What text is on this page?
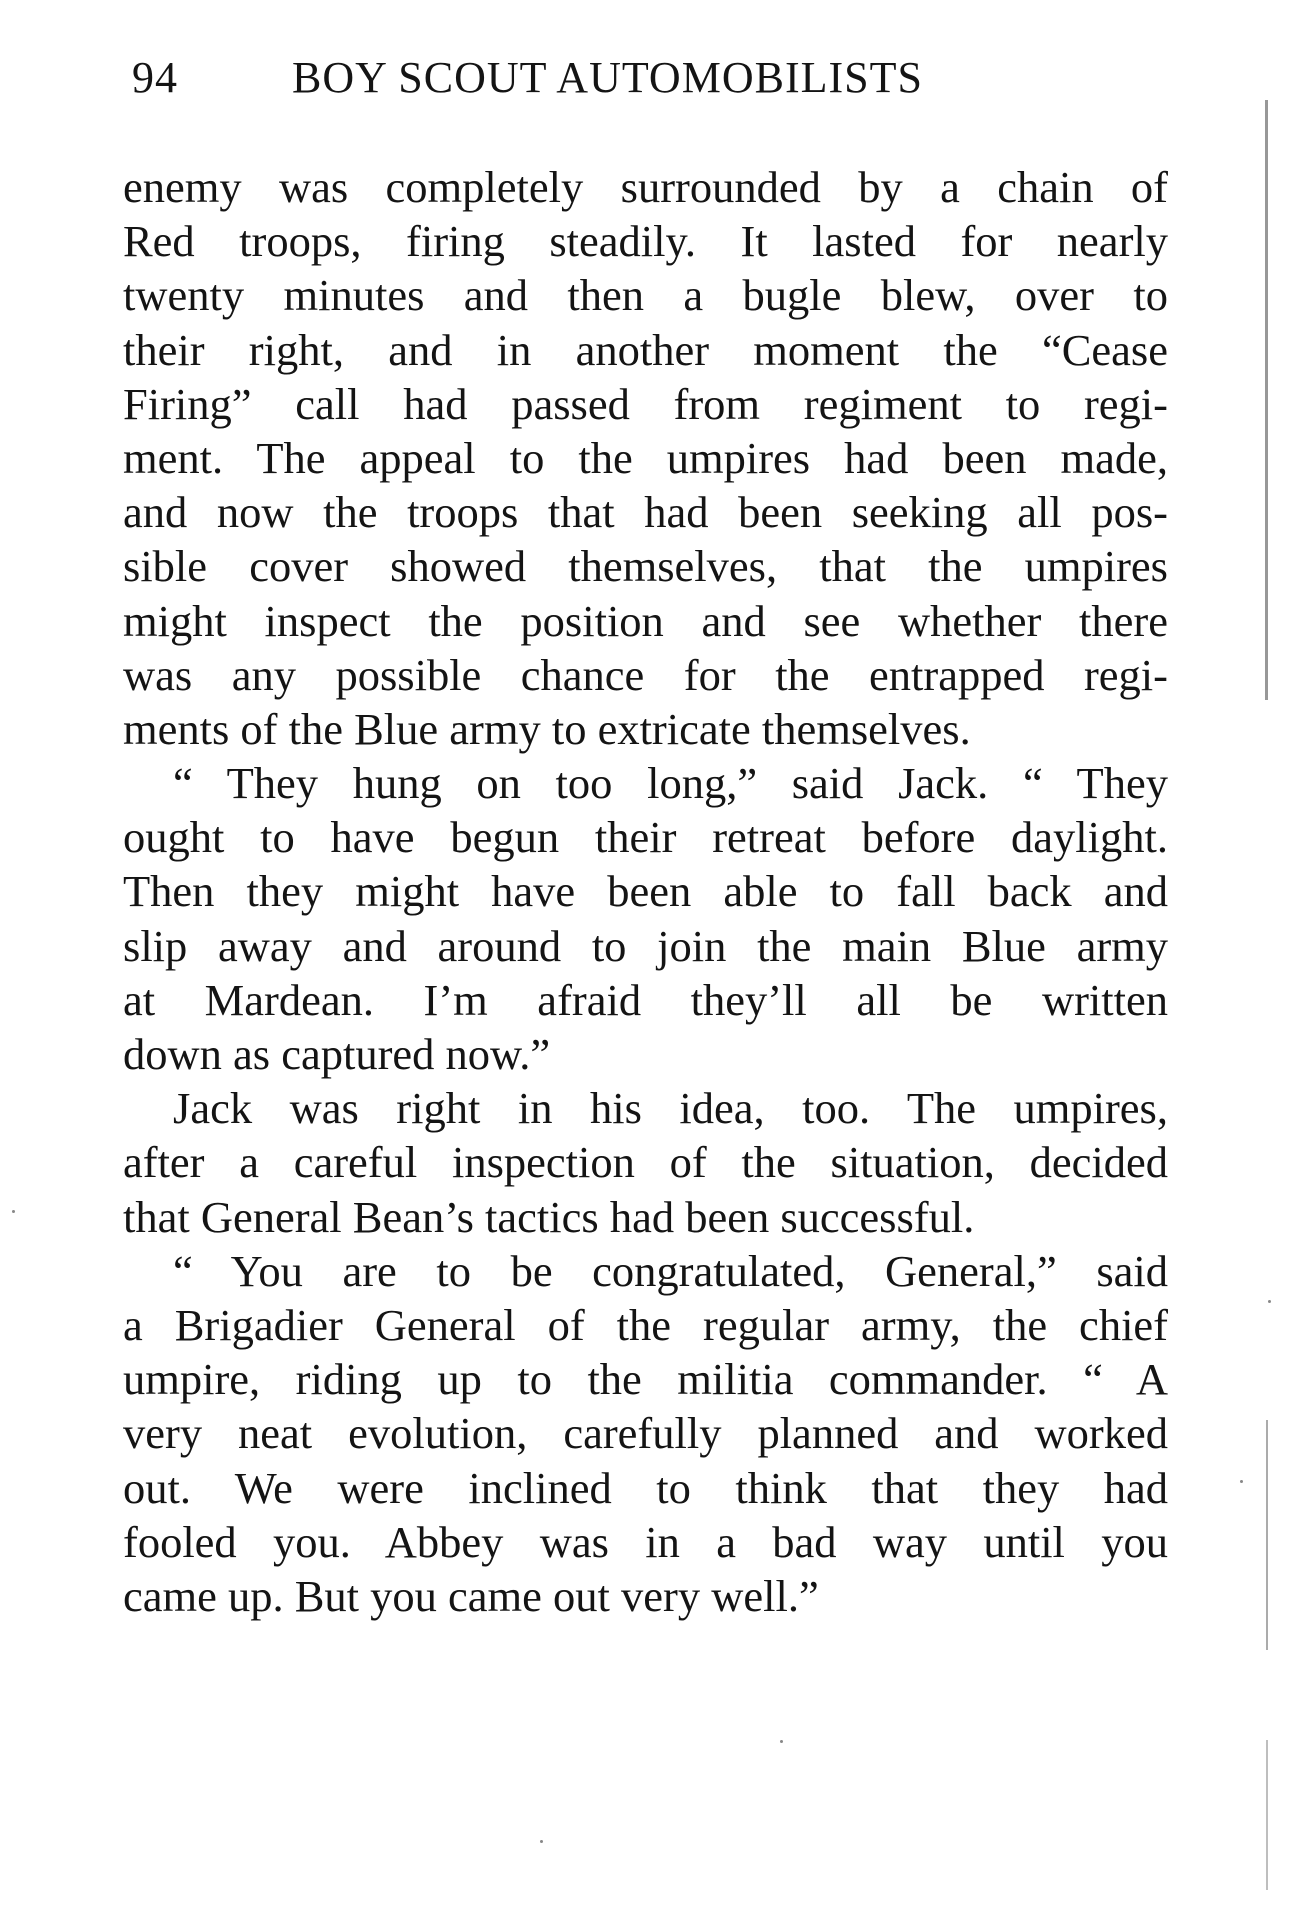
94	BOY SCOUT AUTOMOBILISTS
enemy was completely surrounded by a chain of
Red troops, firing steadily. It lasted for nearly
twenty minutes and then a bugle blew, over to
their right, and in another moment the “Cease
Firing” call had passed from regiment to regi-
ment. The appeal to the umpires had been made,
and now the troops that had been seeking all pos-
sible cover showed themselves, that the umpires
might inspect the position and see whether there
was any possible chance for the entrapped regi-
ments of the Blue army to extricate themselves.
“ They hung on too long,” said Jack. “ They
ought to have begun their retreat before daylight.
Then they might have been able to fall back and
slip away and around to join the main Blue army
at Mardean. I’m afraid they’ll all be written
down as captured now.”
Jack was right in his idea, too. The umpires,
after a careful inspection of the situation, decided
that General Bean’s tactics had been successful.
“ You are to be congratulated, General,” said
a Brigadier General of the regular army, the chief
umpire, riding up to the militia commander. “ A
very neat evolution, carefully planned and worked
out. We were inclined to think that they had
fooled you. Abbey was in a bad way until you
came up. But you came out very well.”
